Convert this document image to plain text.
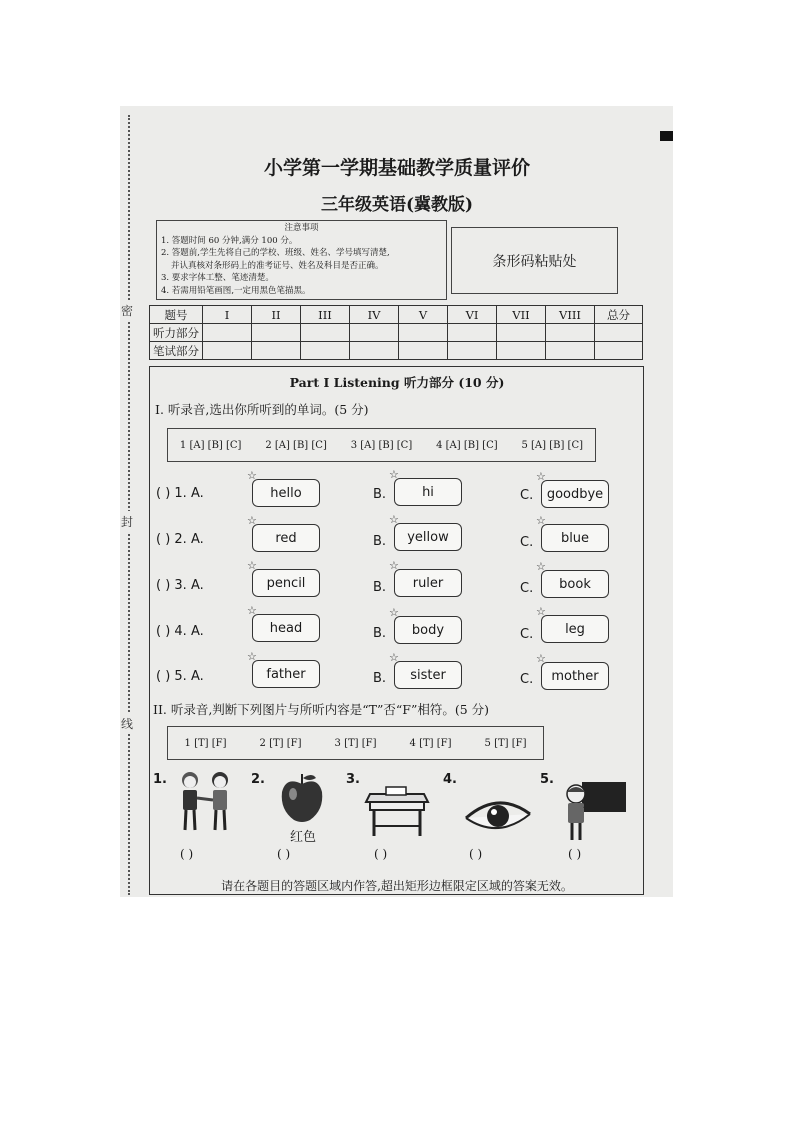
密
封
线
小学第一学期基础教学质量评价
三年级英语(冀教版)
注意事项
1. 答题时间 60 分钟,满分 100 分。
2. 答题前,学生先将自己的学校、班级、姓名、学号填写清楚,
并认真核对条形码上的准考证号、姓名及科目是否正确。
3. 要求字体工整、笔迹清楚。
4. 若需用铅笔画图,一定用黑色笔描黑。
条形码粘贴处
题号	I	II	III	IV	V	VI	VII	VIII	总分
听力部分									
笔试部分									
Part I Listening 听力部分 (10 分)
I. 听录音,选出你所听到的单词。(5 分)
1 [A] [B] [C] 2 [A] [B] [C] 3 [A] [B] [C] 4 [A] [B] [C] 5 [A] [B] [C]
( ) 1. A.	☆ hello	B.	☆ hi	C.	☆ goodbye
( ) 2. A.	☆ red	B.	☆ yellow	C.	☆ blue
( ) 3. A.	☆ pencil	B.	☆ ruler	C.	☆ book
( ) 4. A.	☆ head	B.	☆ body	C.	☆ leg
( ) 5. A.	☆ father	B.	☆ sister	C.	☆ mother
II. 听录音,判断下列图片与所听内容是“T”否“F”相符。(5 分)
1 [T] [F]	2 [T] [F]	3 [T] [F]	4 [T] [F]	5 [T] [F]
1.	2.
红色
3.	4.	5.
( )	( )	( )	( )	( )
请在各题目的答题区域内作答,超出矩形边框限定区域的答案无效。
